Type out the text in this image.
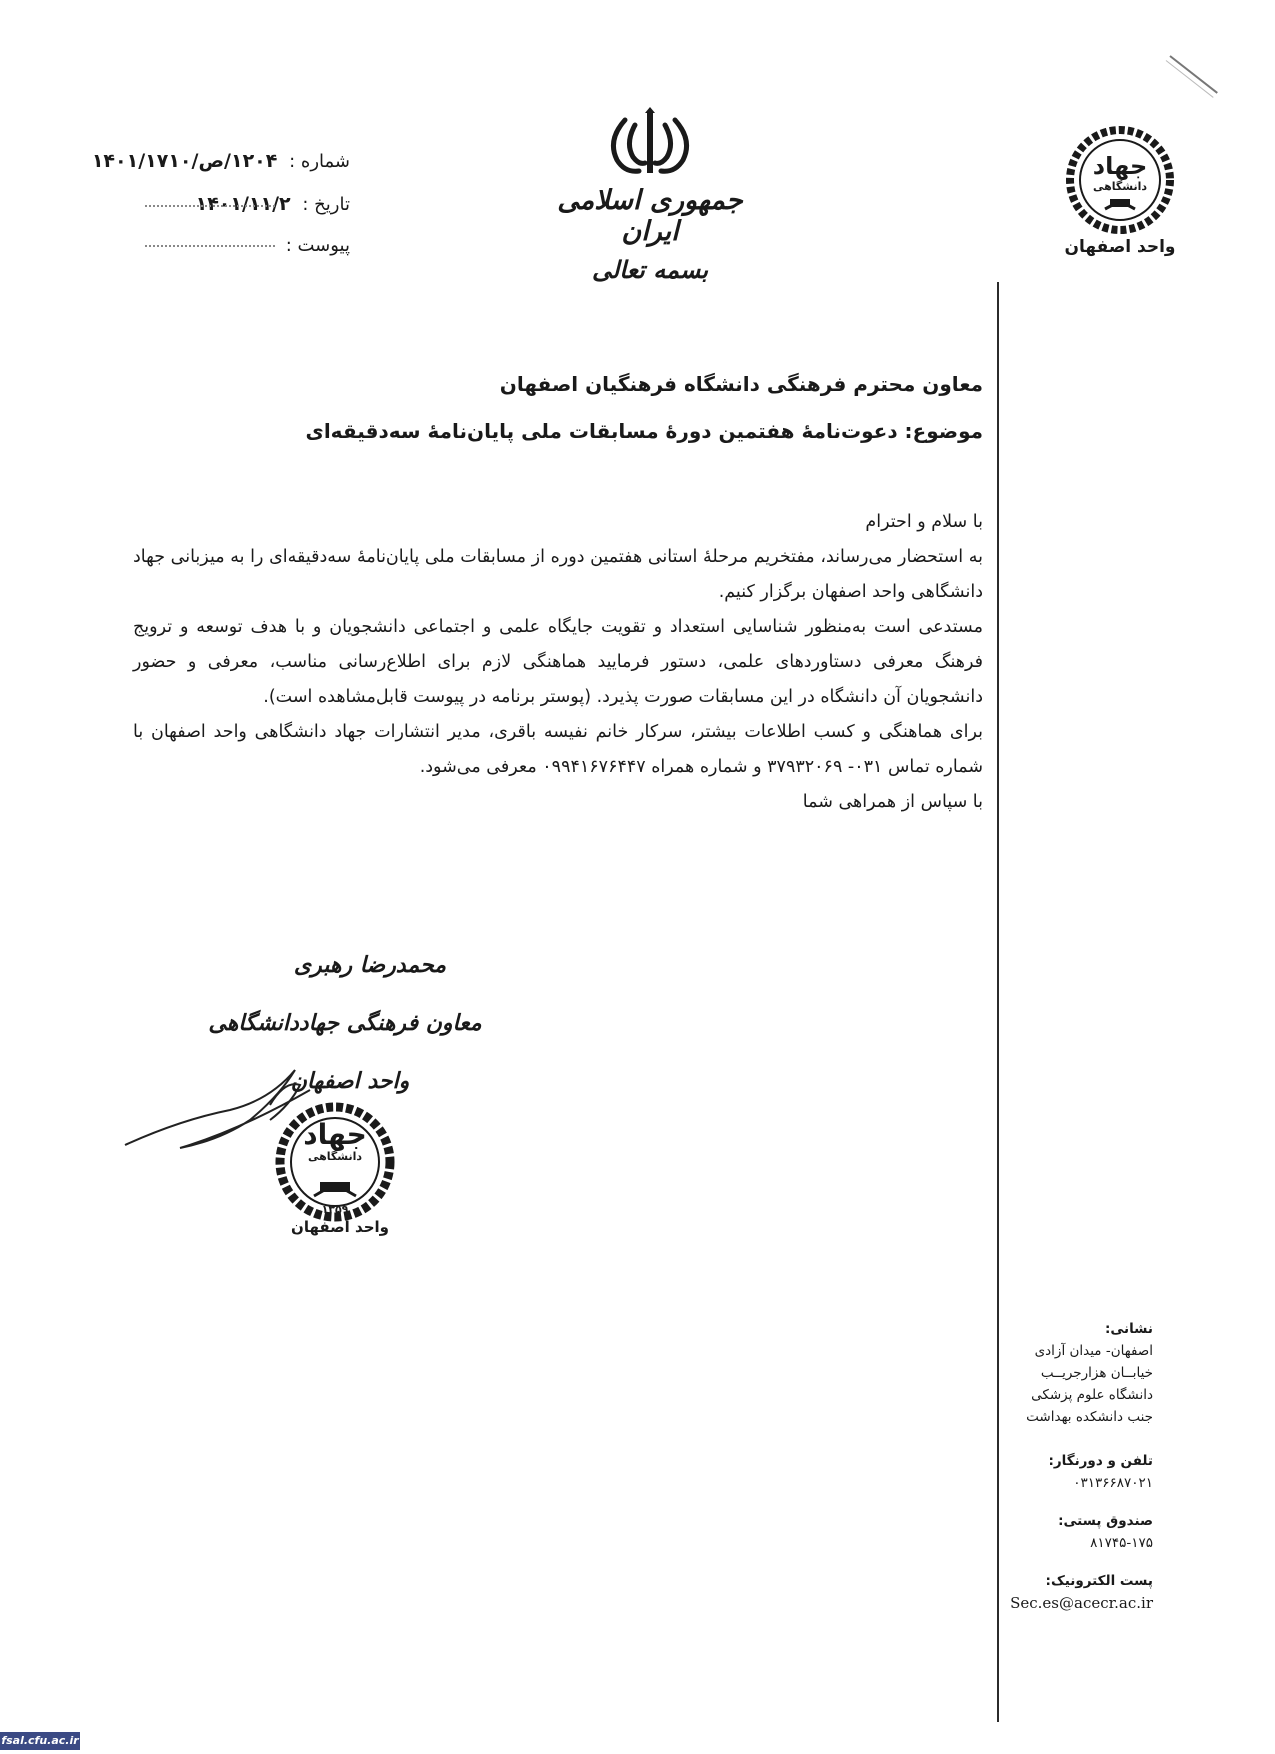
جمهوری اسلامی ایران
بسمه تعالی
شماره : ۱۲۰۴/ص/۱۴۰۱/۱۷۱۰
تاریخ : ۱۴۰۱/۱۱/۲
پیوست :
جهاد
دانشگاهی
واحد اصفهان
معاون محترم فرهنگی دانشگاه فرهنگیان اصفهان
موضوع: دعوت‌نامهٔ هفتمین دورهٔ مسابقات ملی پایان‌نامهٔ سه‌دقیقه‌ای

با سلام و احترام

به استحضار می‌رساند، مفتخریم مرحلهٔ استانی هفتمین دوره از مسابقات ملی پایان‌نامهٔ سه‌دقیقه‌ای را به میزبانی جهاد دانشگاهی واحد اصفهان برگزار کنیم.

مستدعی است به‌منظور شناسایی استعداد و تقویت جایگاه علمی و اجتماعی دانشجویان و با هدف توسعه و ترویج فرهنگ معرفی دستاوردهای علمی، دستور فرمایید هماهنگی لازم برای اطلاع‌رسانی مناسب، معرفی و حضور دانشجویان آن دانشگاه در این مسابقات صورت پذیرد. (پوستر برنامه در پیوست قابل‌مشاهده است).

برای هماهنگی و کسب اطلاعات بیشتر، سرکار خانم نفیسه باقری، مدیر انتشارات جهاد دانشگاهی واحد اصفهان با شماره تماس ۰۳۱- ۳۷۹۳۲۰۶۹ و شماره همراه ۰۹۹۴۱۶۷۶۴۴۷ معرفی می‌شود.

با سپاس از همراهی شما

محمدرضا رهبری
معاون فرهنگی جهاددانشگاهی
واحد اصفهان
جهاد
دانشگاهی
۱۳۵۹
واحد اصفهان
نشانی:
اصفهان- میدان آزادی
خیابــان هزارجریــب
دانشگاه علوم پزشکی
جنب دانشکده بهداشت
تلفن و دورنگار:
۰۳۱۳۶۶۸۷۰۲۱
صندوق پستی:
۸۱۷۴۵-۱۷۵
پست الکترونیک:
Sec.es@acecr.ac.ir
fsal.cfu.ac.ir
